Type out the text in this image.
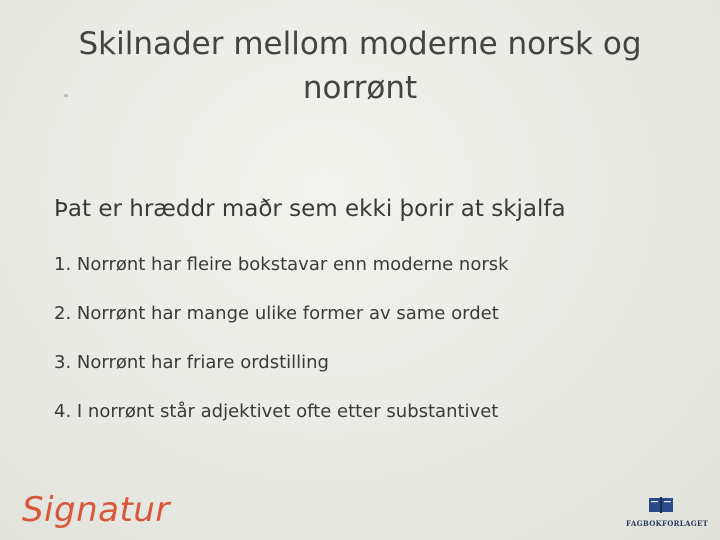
Skilnader mellom moderne norsk og norrønt

Þat er hræddr maðr sem ekki þorir at skjalfa

1. Norrønt har fleire bokstavar enn moderne norsk
2. Norrønt har mange ulike former av same ordet
3. Norrønt har friare ordstilling
4. I norrønt står adjektivet ofte etter substantivet
Signatur	FAGBOKFORLAGET
